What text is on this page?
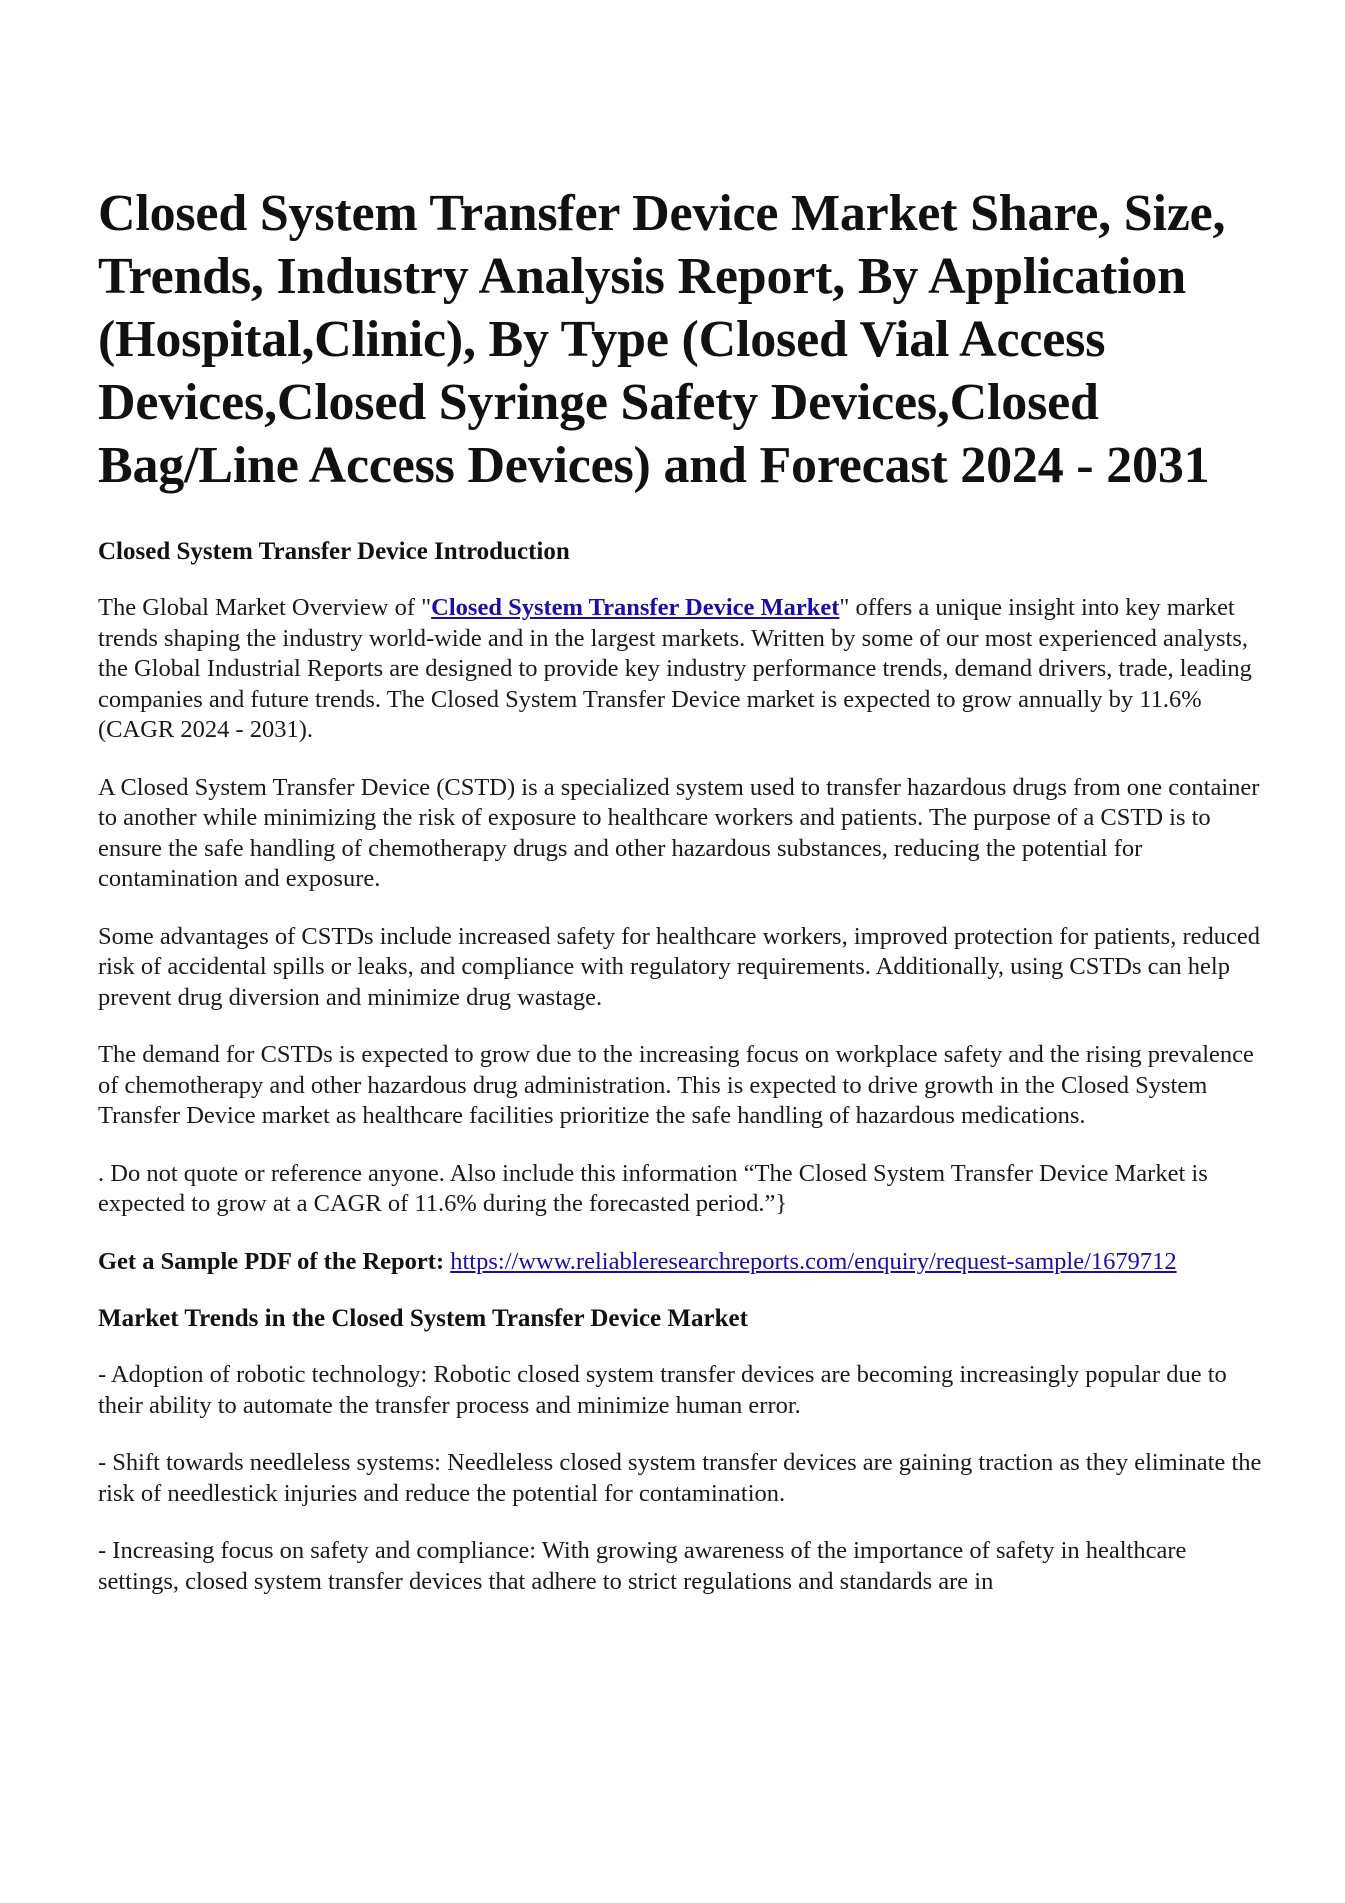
Closed System Transfer Device Market Share, Size, Trends, Industry Analysis Report, By Application (Hospital,Clinic), By Type (Closed Vial Access Devices,Closed Syringe Safety Devices,Closed Bag/Line Access Devices) and Forecast 2024 - 2031
Closed System Transfer Device Introduction

The Global Market Overview of "Closed System Transfer Device Market" offers a unique insight into key market trends shaping the industry world-wide and in the largest markets. Written by some of our most experienced analysts, the Global Industrial Reports are designed to provide key industry performance trends, demand drivers, trade, leading companies and future trends. The Closed System Transfer Device market is expected to grow annually by 11.6% (CAGR 2024 - 2031).

A Closed System Transfer Device (CSTD) is a specialized system used to transfer hazardous drugs from one container to another while minimizing the risk of exposure to healthcare workers and patients. The purpose of a CSTD is to ensure the safe handling of chemotherapy drugs and other hazardous substances, reducing the potential for contamination and exposure.

Some advantages of CSTDs include increased safety for healthcare workers, improved protection for patients, reduced risk of accidental spills or leaks, and compliance with regulatory requirements. Additionally, using CSTDs can help prevent drug diversion and minimize drug wastage.

The demand for CSTDs is expected to grow due to the increasing focus on workplace safety and the rising prevalence of chemotherapy and other hazardous drug administration. This is expected to drive growth in the Closed System Transfer Device market as healthcare facilities prioritize the safe handling of hazardous medications.

. Do not quote or reference anyone. Also include this information “The Closed System Transfer Device Market is expected to grow at a CAGR of 11.6% during the forecasted period.”}

Get a Sample PDF of the Report: https://www.reliableresearchreports.com/enquiry/request-sample/1679712

Market Trends in the Closed System Transfer Device Market

- Adoption of robotic technology: Robotic closed system transfer devices are becoming increasingly popular due to their ability to automate the transfer process and minimize human error.

- Shift towards needleless systems: Needleless closed system transfer devices are gaining traction as they eliminate the risk of needlestick injuries and reduce the potential for contamination.

- Increasing focus on safety and compliance: With growing awareness of the importance of safety in healthcare settings, closed system transfer devices that adhere to strict regulations and standards are in
